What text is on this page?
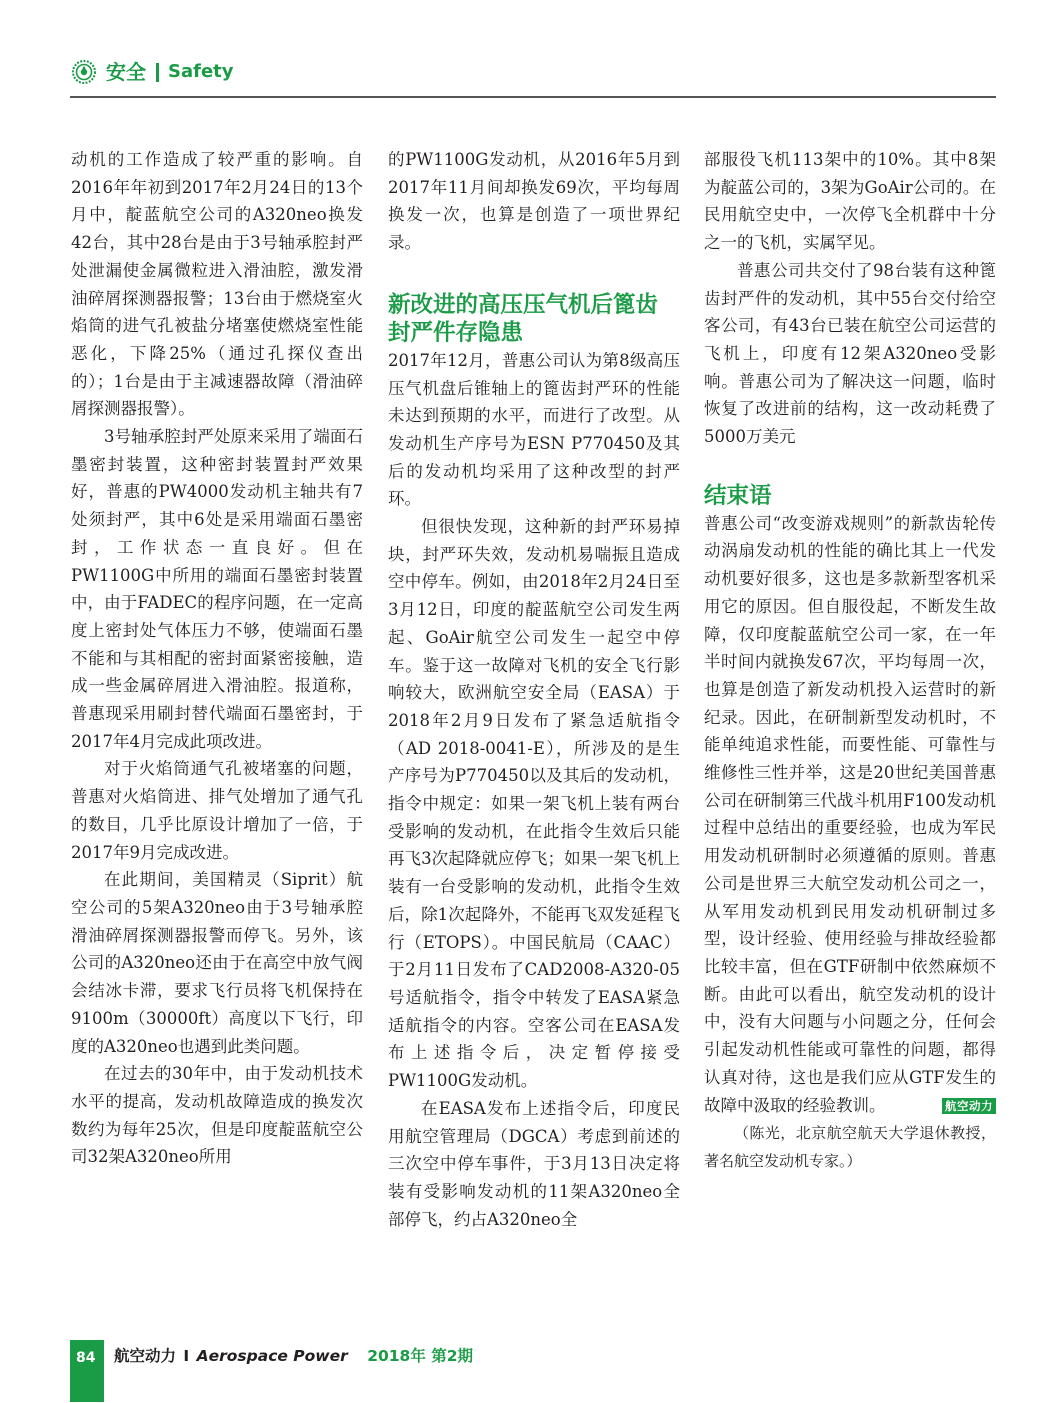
安全 Safety

动机的工作造成了较严重的影响。自2016年年初到2017年2月24日的13个月中，靛蓝航空公司的A320neo换发42台，其中28台是由于3号轴承腔封严处泄漏使金属微粒进入滑油腔，激发滑油碎屑探测器报警；13台由于燃烧室火焰筒的进气孔被盐分堵塞使燃烧室性能恶化，下降25%（通过孔探仪查出的）；1台是由于主减速器故障（滑油碎屑探测器报警）。

3号轴承腔封严处原来采用了端面石墨密封装置，这种密封装置封严效果好，普惠的PW4000发动机主轴共有7处须封严，其中6处是采用端面石墨密封，工作状态一直良好。但在PW1100G中所用的端面石墨密封装置中，由于FADEC的程序问题，在一定高度上密封处气体压力不够，使端面石墨不能和与其相配的密封面紧密接触，造成一些金属碎屑进入滑油腔。报道称，普惠现采用刷封替代端面石墨密封，于2017年4月完成此项改进。

对于火焰筒通气孔被堵塞的问题，普惠对火焰筒进、排气处增加了通气孔的数目，几乎比原设计增加了一倍，于2017年9月完成改进。

在此期间，美国精灵（Siprit）航空公司的5架A320neo由于3号轴承腔滑油碎屑探测器报警而停飞。另外，该公司的A320neo还由于在高空中放气阀会结冰卡滞，要求飞行员将飞机保持在9100m（30000ft）高度以下飞行，印度的A320neo也遇到此类问题。

在过去的30年中，由于发动机技术水平的提高，发动机故障造成的换发次数约为每年25次，但是印度靛蓝航空公司32架A320neo所用

的PW1100G发动机，从2016年5月到2017年11月间却换发69次，平均每周换发一次，也算是创造了一项世界纪录。

新改进的高压压气机后篦齿封严件存隐患

2017年12月，普惠公司认为第8级高压压气机盘后锥轴上的篦齿封严环的性能未达到预期的水平，而进行了改型。从发动机生产序号为ESN P770450及其后的发动机均采用了这种改型的封严环。

但很快发现，这种新的封严环易掉块，封严环失效，发动机易喘振且造成空中停车。例如，由2018年2月24日至3月12日，印度的靛蓝航空公司发生两起、GoAir航空公司发生一起空中停车。鉴于这一故障对飞机的安全飞行影响较大，欧洲航空安全局（EASA）于2018年2月9日发布了紧急适航指令（AD 2018-0041-E），所涉及的是生产序号为P770450以及其后的发动机，指令中规定：如果一架飞机上装有两台受影响的发动机，在此指令生效后只能再飞3次起降就应停飞；如果一架飞机上装有一台受影响的发动机，此指令生效后，除1次起降外，不能再飞双发延程飞行（ETOPS）。中国民航局（CAAC）于2月11日发布了CAD2008-A320-05号适航指令，指令中转发了EASA紧急适航指令的内容。空客公司在EASA发布上述指令后，决定暂停接受PW1100G发动机。

在EASA发布上述指令后，印度民用航空管理局（DGCA）考虑到前述的三次空中停车事件，于3月13日决定将装有受影响发动机的11架A320neo全部停飞，约占A320neo全

部服役飞机113架中的10%。其中8架为靛蓝公司的，3架为GoAir公司的。在民用航空史中，一次停飞全机群中十分之一的飞机，实属罕见。

普惠公司共交付了98台装有这种篦齿封严件的发动机，其中55台交付给空客公司，有43台已装在航空公司运营的飞机上，印度有12架A320neo受影响。普惠公司为了解决这一问题，临时恢复了改进前的结构，这一改动耗费了5000万美元

结束语

普惠公司“改变游戏规则”的新款齿轮传动涡扇发动机的性能的确比其上一代发动机要好很多，这也是多款新型客机采用它的原因。但自服役起，不断发生故障，仅印度靛蓝航空公司一家，在一年半时间内就换发67次，平均每周一次，也算是创造了新发动机投入运营时的新纪录。因此，在研制新型发动机时，不能单纯追求性能，而要性能、可靠性与维修性三性并举，这是20世纪美国普惠公司在研制第三代战斗机用F100发动机过程中总结出的重要经验，也成为军民用发动机研制时必须遵循的原则。普惠公司是世界三大航空发动机公司之一，从军用发动机到民用发动机研制过多型，设计经验、使用经验与排故经验都比较丰富，但在GTF研制中依然麻烦不断。由此可以看出，航空发动机的设计中，没有大问题与小问题之分，任何会引起发动机性能或可靠性的问题，都得认真对待，这也是我们应从GTF发生的故障中汲取的经验教训。	航空动力

（陈光，北京航空航天大学退休教授，著名航空发动机专家。）

84 航空动力 I Aerospace Power 2018年 第2期
